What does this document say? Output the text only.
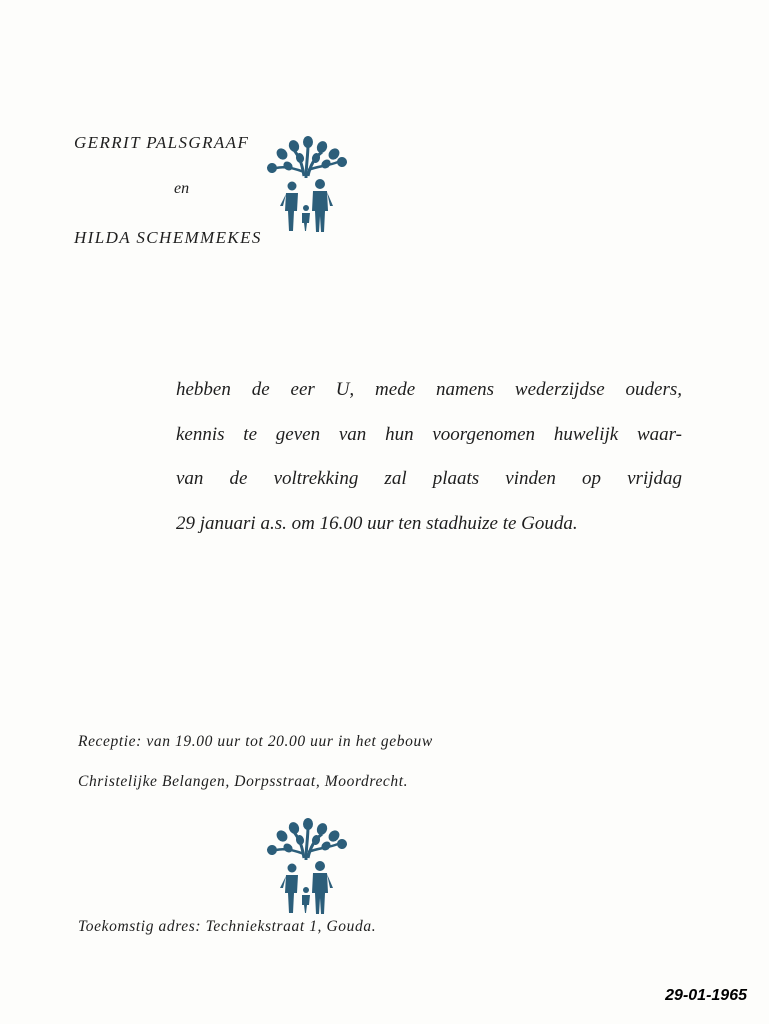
GERRIT PALSGRAAF
en
HILDA SCHEMMEKES
hebben de eer U, mede namens wederzijdse ouders,
kennis te geven van hun voorgenomen huwelijk waar-
van de voltrekking zal plaats vinden op vrijdag
29 januari a.s. om 16.00 uur ten stadhuize te Gouda.
Receptie: van 19.00 uur tot 20.00 uur in het gebouw
Christelijke Belangen, Dorpsstraat, Moordrecht.
Toekomstig adres: Techniekstraat 1, Gouda.
29-01-1965
